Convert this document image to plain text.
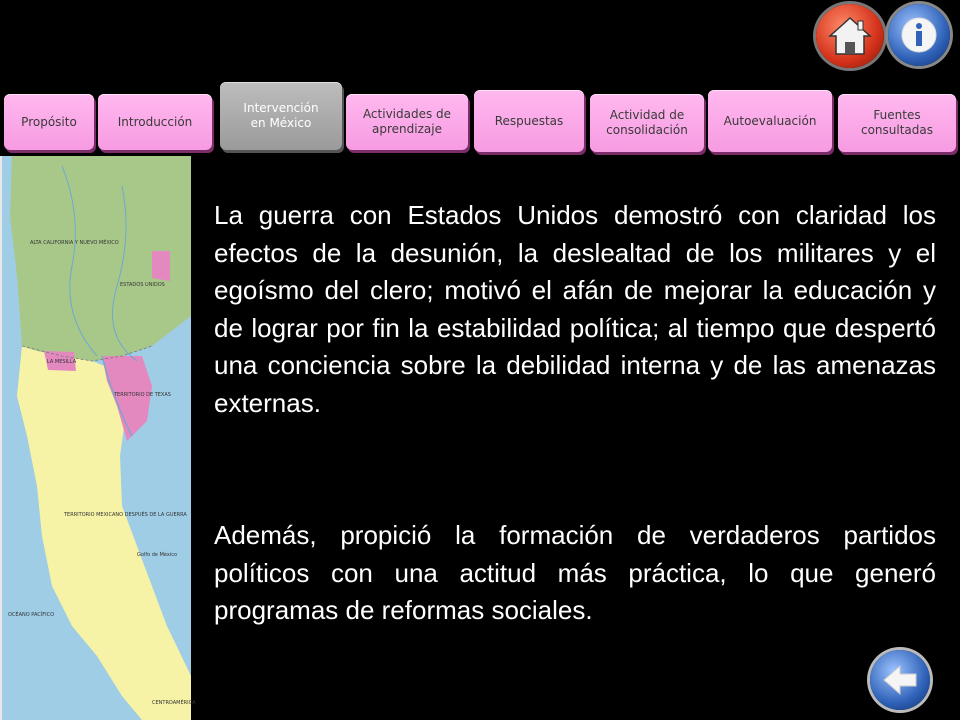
Propósito	Introducción
Intervención en México
Actividades de aprendizaje
Respuestas	Actividad de consolidación
Autoevaluación	Fuentes consultadas
ALTA CALIFORNIA Y NUEVO MÉXICO
ESTADOS UNIDOS
LA MESILLA
TERRITORIO DE TEXAS
TERRITORIO MEXICANO DESPUÉS DE LA GUERRA
Golfo de México
OCÉANO PACÍFICO
CENTROAMÉRICA
La guerra con Estados Unidos demostró con claridad los efectos de la desunión, la deslealtad de los militares y el egoísmo del clero; motivó el afán de mejorar la educación y de lograr por fin la estabilidad política; al tiempo que despertó una conciencia sobre la debilidad interna y de las amenazas externas.
Además, propició la formación de verdaderos partidos políticos con una actitud más práctica, lo que generó programas de reformas sociales.
